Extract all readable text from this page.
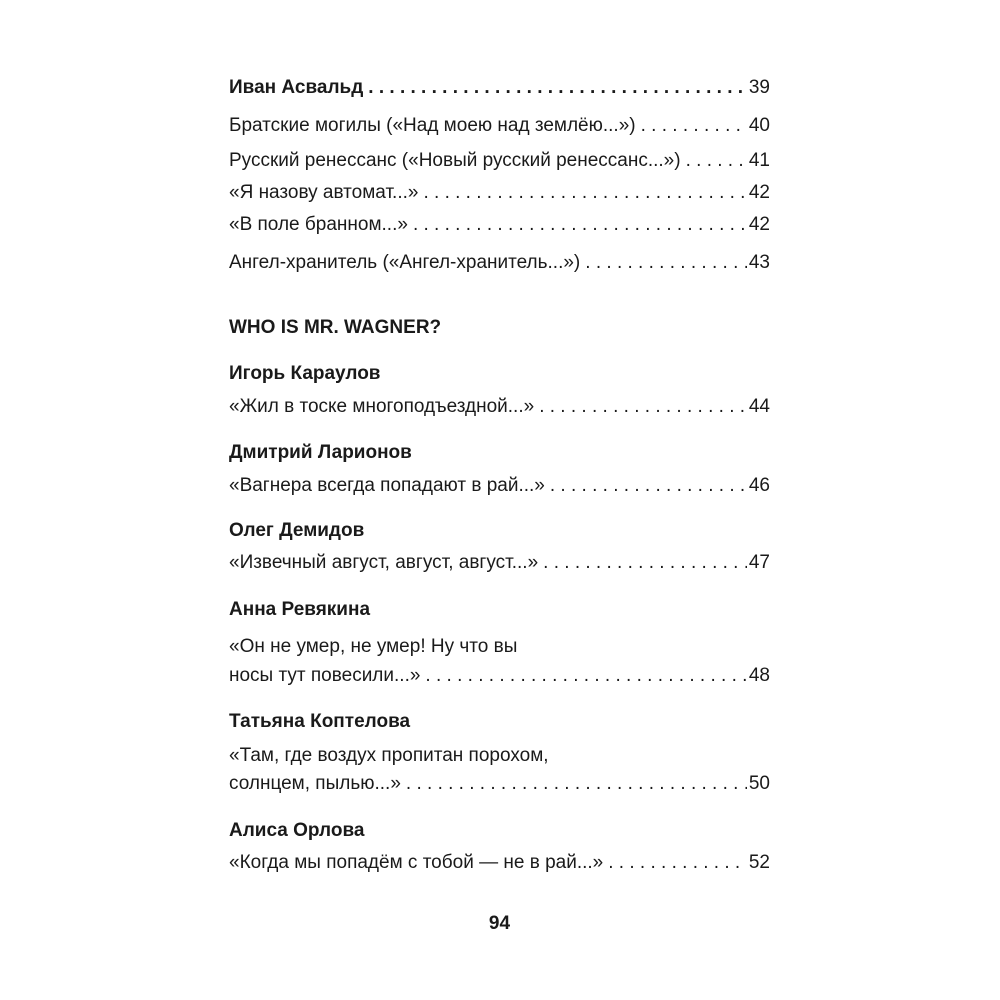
Иван Асвальд . . .	39
Братские могилы («Над моею над землёю...») . . .	40
Русский ренессанс («Новый русский ренессанс...») . . .	41
«Я назову автомат...» . . .	42
«В поле бранном...» . . .	42
Ангел-хранитель («Ангел-хранитель...») . . .	43
WHO IS MR. WAGNER?
Игорь Караулов
«Жил в тоске многоподъездной...» . . .	44
Дмитрий Ларионов
«Вагнера всегда попадают в рай...» . . .	46
Олег Демидов
«Извечный август, август, август...» . . .	47
Анна Ревякина
«Он не умер, не умер! Ну что вы
носы тут повесили...» . . .	48
Татьяна Коптелова
«Там, где воздух пропитан порохом,
солнцем, пылью...» . . .	50
Алиса Орлова
«Когда мы попадём с тобой — не в рай...» . . .	52
94
